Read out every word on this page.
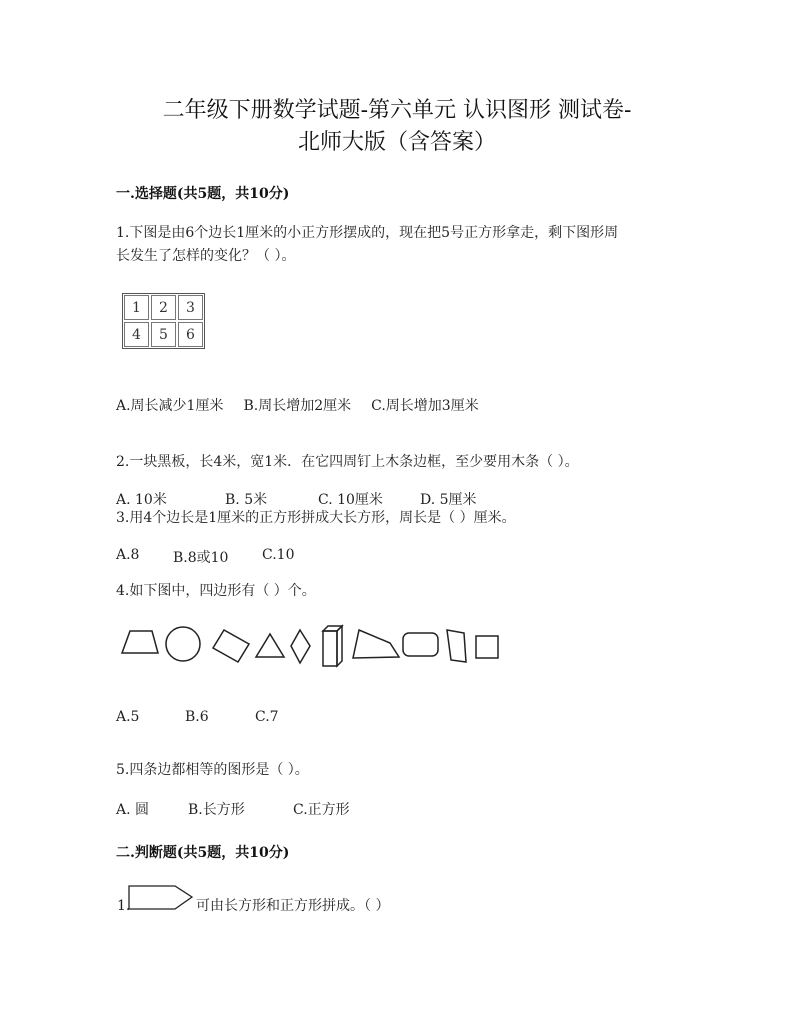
二年级下册数学试题-第六单元 认识图形 测试卷-
北师大版（含答案）
一.选择题(共5题，共10分)
1.下图是由6个边长1厘米的小正方形摆成的，现在把5号正方形拿走，剩下图形周
长发生了怎样的变化？（ ）。
1	2	3
4	5	6
A.周长减少1厘米 B.周长增加2厘米 C.周长增加3厘米
2.一块黑板，长4米，宽1米．在它四周钉上木条边框，至少要用木条（ ）。
A. 10米	B. 5米	C. 10厘米	D. 5厘米
3.用4个边长是1厘米的正方形拼成大长方形，周长是（ ）厘米。
A.8	B.8或10	C.10
4.如下图中，四边形有（ ）个。
A.5	B.6	C.7
5.四条边都相等的图形是（ ）。
A. 圆	B.长方形	C.正方形
二.判断题(共5题，共10分)
1.	可由长方形和正方形拼成。（ ）
